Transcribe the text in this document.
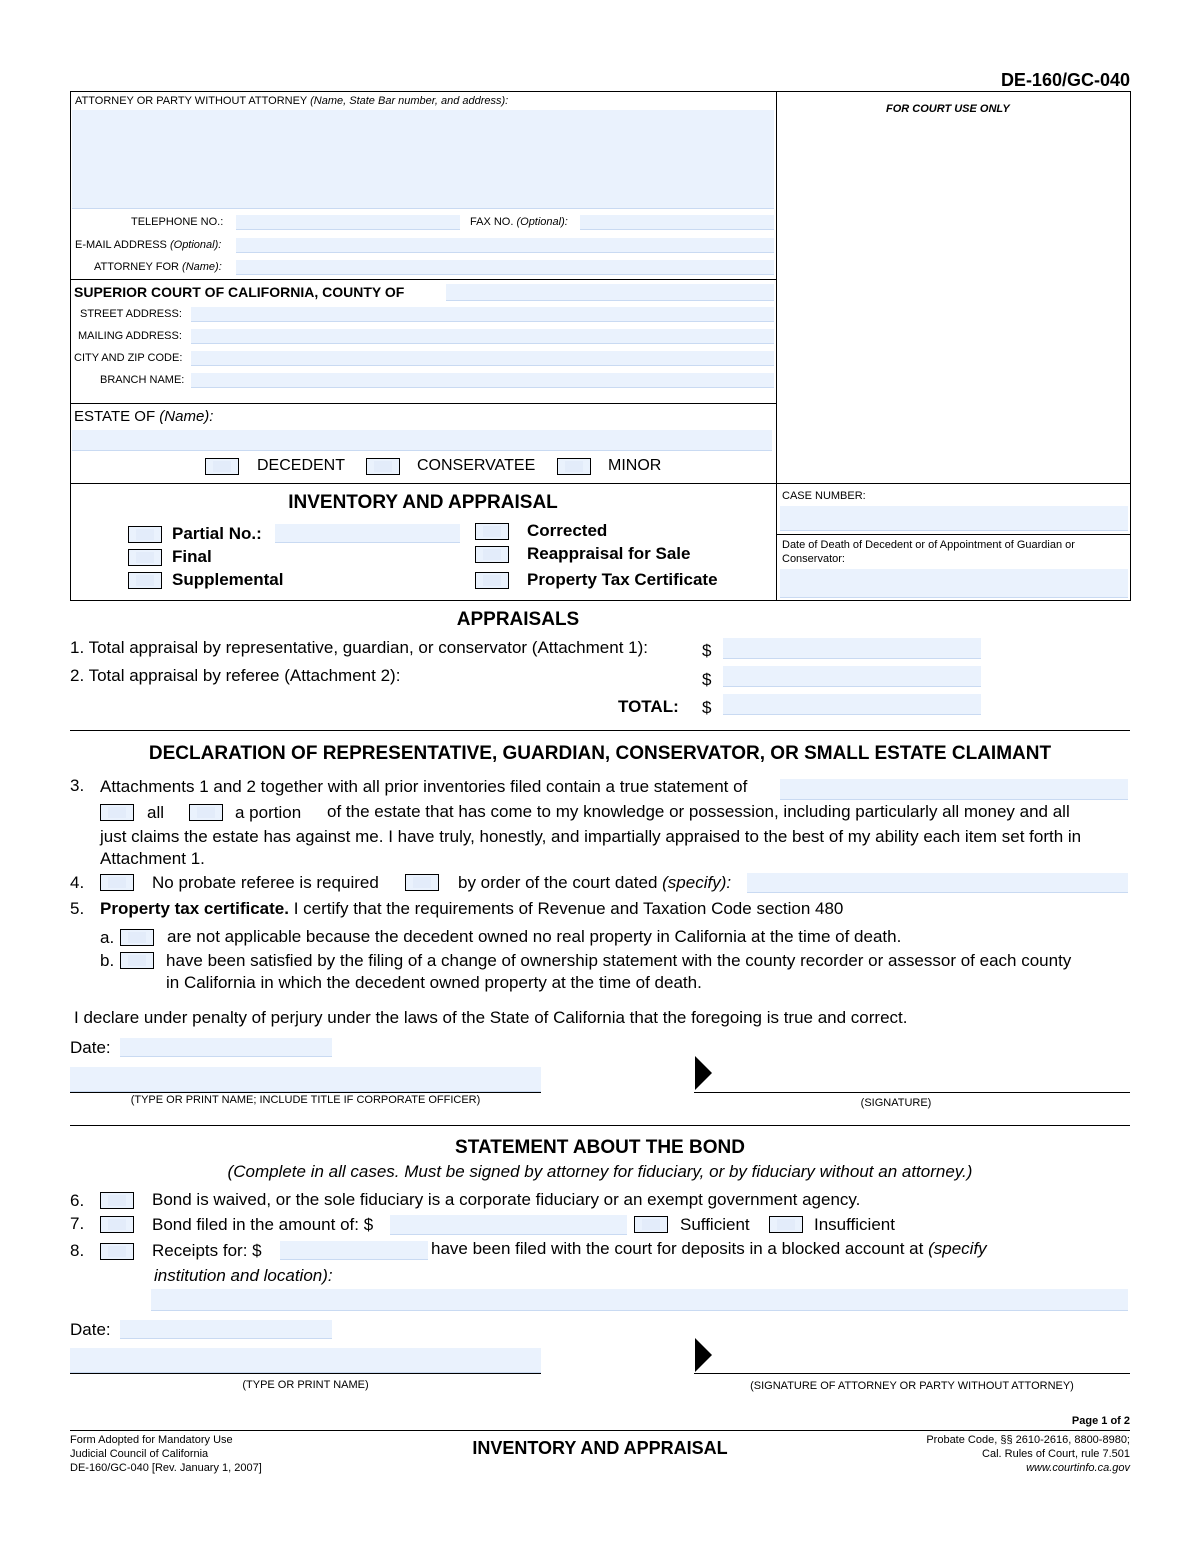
DE-160/GC-040
ATTORNEY OR PARTY WITHOUT ATTORNEY (Name, State Bar number, and address):
FOR COURT USE ONLY
TELEPHONE NO.:	FAX NO. (Optional):
E-MAIL ADDRESS (Optional):
ATTORNEY FOR (Name):
SUPERIOR COURT OF CALIFORNIA, COUNTY OF
STREET ADDRESS:
MAILING ADDRESS:
CITY AND ZIP CODE:
BRANCH NAME:
ESTATE OF (Name):
DECEDENT	CONSERVATEE	MINOR
INVENTORY AND APPRAISAL
Partial No.:
Final
Supplemental
Corrected
Reappraisal for Sale
Property Tax Certificate
CASE NUMBER:
Date of Death of Decedent or of Appointment of Guardian or Conservator:
APPRAISALS
1. Total appraisal by representative, guardian, or conservator (Attachment 1):	$
2. Total appraisal by referee (Attachment 2):	$
TOTAL: $
DECLARATION OF REPRESENTATIVE, GUARDIAN, CONSERVATOR, OR SMALL ESTATE CLAIMANT
3. Attachments 1 and 2 together with all prior inventories filed contain a true statement of
all	a portion of the estate that has come to my knowledge or possession, including particularly all money and all
just claims the estate has against me. I have truly, honestly, and impartially appraised to the best of my ability each item set forth in
Attachment 1.
4.	No probate referee is required	by order of the court dated (specify):
5. Property tax certificate. I certify that the requirements of Revenue and Taxation Code section 480
a.	are not applicable because the decedent owned no real property in California at the time of death.
b.	have been satisfied by the filing of a change of ownership statement with the county recorder or assessor of each county
in California in which the decedent owned property at the time of death.
I declare under penalty of perjury under the laws of the State of California that the foregoing is true and correct.
Date:
(TYPE OR PRINT NAME; INCLUDE TITLE IF CORPORATE OFFICER)	(SIGNATURE)
STATEMENT ABOUT THE BOND
(Complete in all cases. Must be signed by attorney for fiduciary, or by fiduciary without an attorney.)
6.	Bond is waived, or the sole fiduciary is a corporate fiduciary or an exempt government agency.
7.	Bond filed in the amount of: $	Sufficient	Insufficient
8.	Receipts for: $	have been filed with the court for deposits in a blocked account at (specify
institution and location):
Date:
(TYPE OR PRINT NAME)	(SIGNATURE OF ATTORNEY OR PARTY WITHOUT ATTORNEY)
Page 1 of 2
Form Adopted for Mandatory Use
Judicial Council of California
DE-160/GC-040 [Rev. January 1, 2007]
INVENTORY AND APPRAISAL	Probate Code, §§ 2610-2616, 8800-8980;
Cal. Rules of Court, rule 7.501
www.courtinfo.ca.gov
